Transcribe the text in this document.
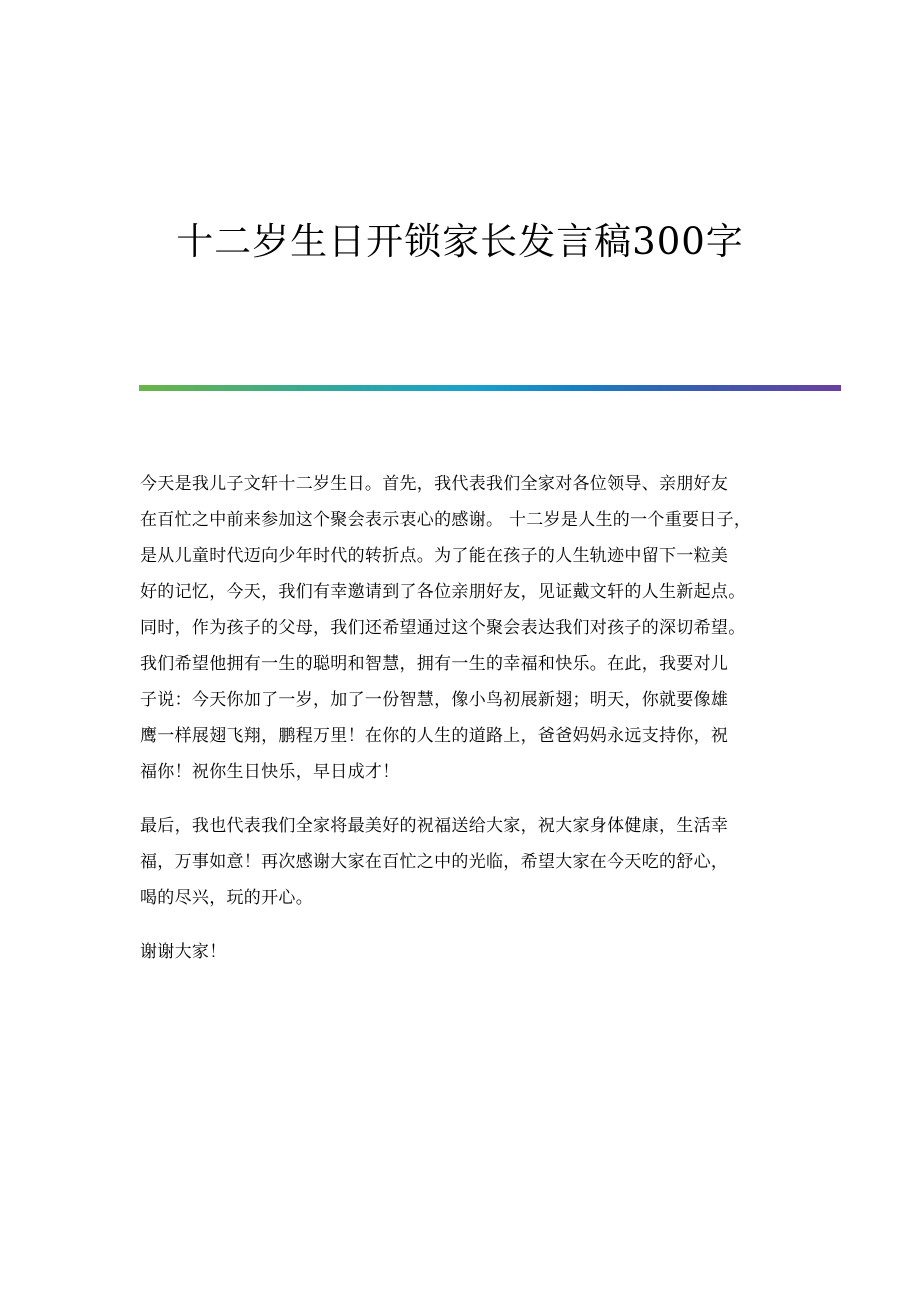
十二岁生日开锁家长发言稿300字
今天是我儿子文轩十二岁生日。首先，我代表我们全家对各位领导、亲朋好友
在百忙之中前来参加这个聚会表示衷心的感谢。 十二岁是人生的一个重要日子，
是从儿童时代迈向少年时代的转折点。为了能在孩子的人生轨迹中留下一粒美
好的记忆，今天，我们有幸邀请到了各位亲朋好友，见证戴文轩的人生新起点。
同时，作为孩子的父母，我们还希望通过这个聚会表达我们对孩子的深切希望。
我们希望他拥有一生的聪明和智慧，拥有一生的幸福和快乐。在此，我要对儿
子说：今天你加了一岁，加了一份智慧，像小鸟初展新翅；明天，你就要像雄
鹰一样展翅飞翔，鹏程万里！在你的人生的道路上，爸爸妈妈永远支持你，祝
福你！祝你生日快乐，早日成才！
最后，我也代表我们全家将最美好的祝福送给大家，祝大家身体健康，生活幸
福，万事如意！再次感谢大家在百忙之中的光临，希望大家在今天吃的舒心，
喝的尽兴，玩的开心。
谢谢大家！
